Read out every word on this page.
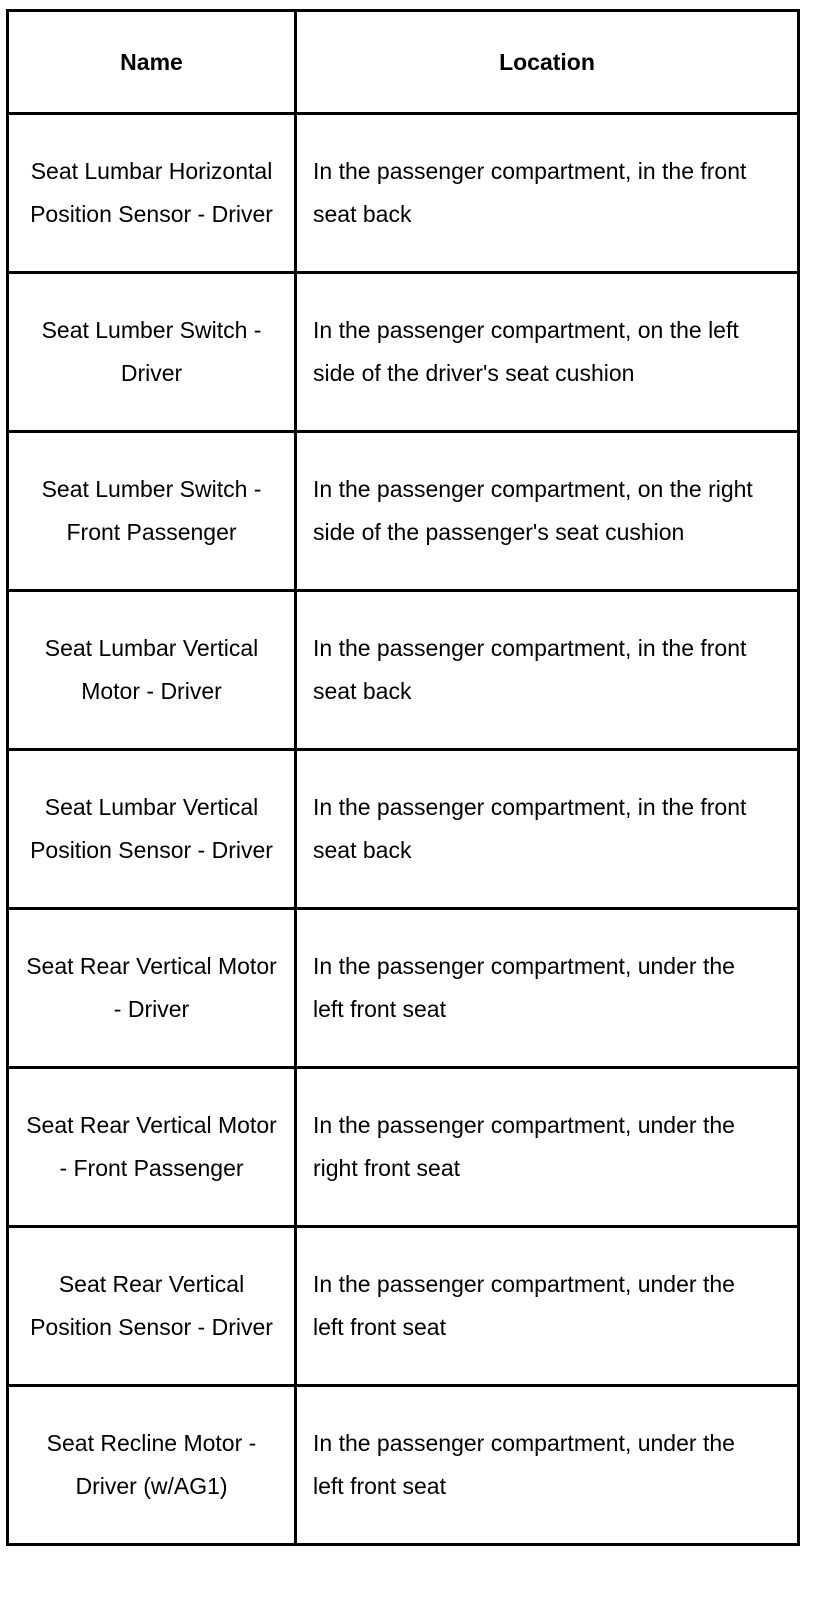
Name	Location
Seat Lumbar Horizontal Position Sensor - Driver	In the passenger compartment, in the front seat back
Seat Lumber Switch - Driver	In the passenger compartment, on the left side of the driver's seat cushion
Seat Lumber Switch - Front Passenger	In the passenger compartment, on the right side of the passenger's seat cushion
Seat Lumbar Vertical Motor - Driver	In the passenger compartment, in the front seat back
Seat Lumbar Vertical Position Sensor - Driver	In the passenger compartment, in the front seat back
Seat Rear Vertical Motor - Driver	In the passenger compartment, under the left front seat
Seat Rear Vertical Motor - Front Passenger	In the passenger compartment, under the right front seat
Seat Rear Vertical Position Sensor - Driver	In the passenger compartment, under the left front seat
Seat Recline Motor - Driver (w/AG1)	In the passenger compartment, under the left front seat
